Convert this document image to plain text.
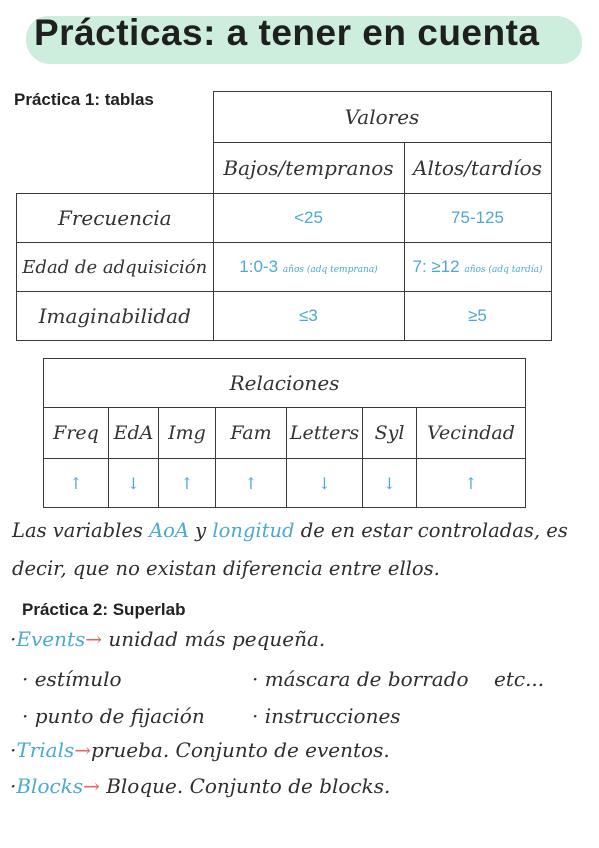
Prácticas: a tener en cuenta
Práctica 1: tablas
	Valores	
	Bajos/tempranos	Altos/tardíos
Frecuencia	<25	75-125
Edad de adquisición	1:0-3 años (adq temprana)	7: ≥12 años (adq tardía)
Imaginabilidad	≤3	≥5
Relaciones						
Freq	EdA	Img	Fam	Letters	Syl	Vecindad
↑	↓	↑	↑	↓	↓	↑

Las variables AoA y longitud de en estar controladas, es decir, que no existan diferencia entre ellos.

Práctica 2: Superlab

·Events→ unidad más pequeña.

· estímulo	· máscara de borrado etc...

· punto de fijación · instrucciones

·Trials→prueba. Conjunto de eventos.

·Blocks→ Bloque. Conjunto de blocks.
